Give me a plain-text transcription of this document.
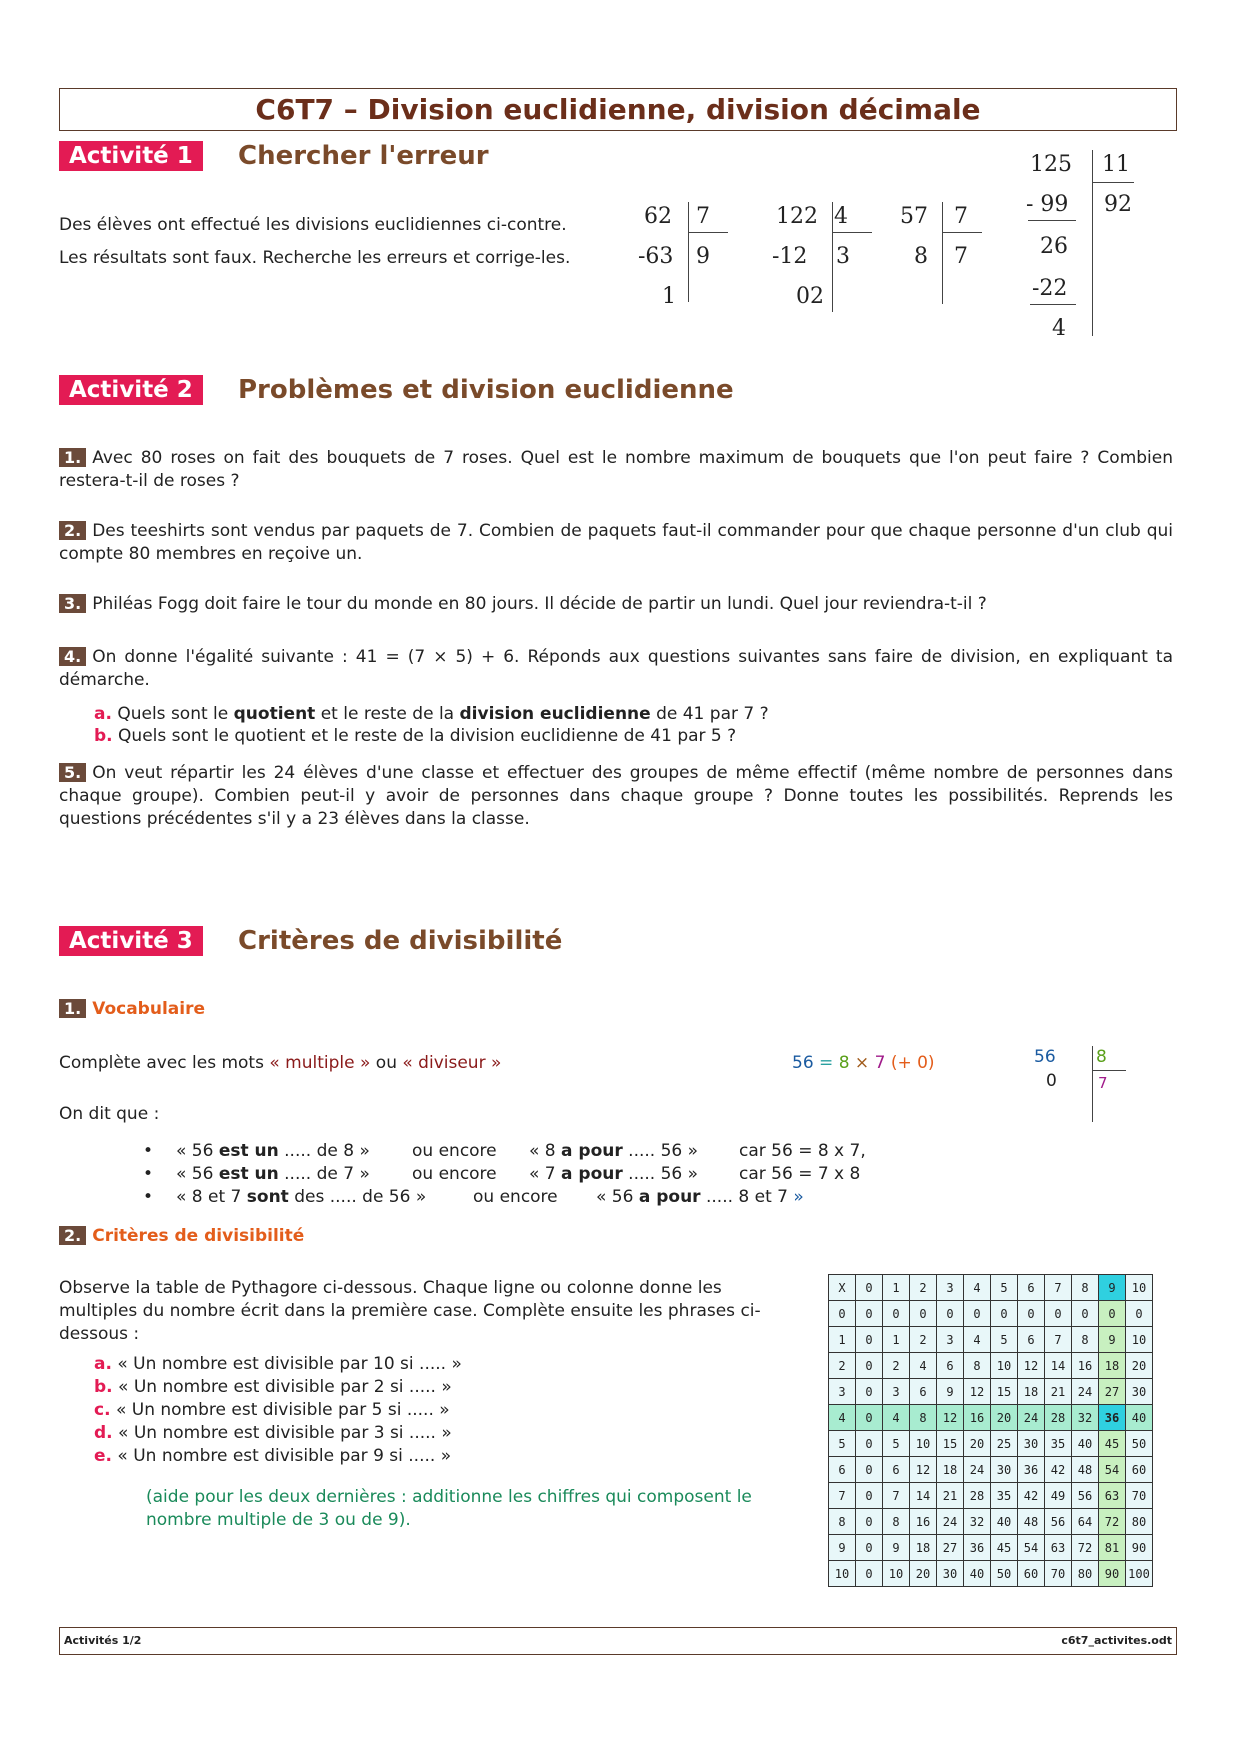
C6T7 – Division euclidienne, division décimale
Activité 1	Chercher l'erreur
Des élèves ont effectué les divisions euclidiennes ci-contre.
Les résultats sont faux. Recherche les erreurs et corrige-les.
62 7
-63 9
1
122 4
-12 3
02
57 7
8 7
125 11
- 99 92
26
-22
4
Activité 2	Problèmes et division euclidienne
1. Avec 80 roses on fait des bouquets de 7 roses. Quel est le nombre maximum de bouquets que l'on peut faire ? Combien restera-t-il de roses ?
2. Des teeshirts sont vendus par paquets de 7. Combien de paquets faut-il commander pour que chaque personne d'un club qui compte 80 membres en reçoive un.
3. Philéas Fogg doit faire le tour du monde en 80 jours. Il décide de partir un lundi. Quel jour reviendra-t-il ?
4. On donne l'égalité suivante : 41 = (7 × 5) + 6. Réponds aux questions suivantes sans faire de division, en expliquant ta démarche.
a. Quels sont le quotient et le reste de la division euclidienne de 41 par 7 ?
b. Quels sont le quotient et le reste de la division euclidienne de 41 par 5 ?
5. On veut répartir les 24 élèves d'une classe et effectuer des groupes de même effectif (même nombre de personnes dans chaque groupe). Combien peut-il y avoir de personnes dans chaque groupe ? Donne toutes les possibilités. Reprends les questions précédentes s'il y a 23 élèves dans la classe.
Activité 3	Critères de divisibilité
1. Vocabulaire
Complète avec les mots « multiple » ou « diviseur »	56 = 8 × 7 (+ 0)	56 8
0	7
On dit que :
• « 56 est un ..... de 8 » ou encore « 8 a pour ..... 56 » car 56 = 8 x 7,
• « 56 est un ..... de 7 » ou encore « 7 a pour ..... 56 » car 56 = 7 x 8
• « 8 et 7 sont des ..... de 56 »	ou encore « 56 a pour ..... 8 et 7 »
2. Critères de divisibilité
Observe la table de Pythagore ci-dessous. Chaque ligne ou colonne donne les multiples du nombre écrit dans la première case. Complète ensuite les phrases ci-dessous :
a. « Un nombre est divisible par 10 si ..... »
b. « Un nombre est divisible par 2 si ..... »
c. « Un nombre est divisible par 5 si ..... »
d. « Un nombre est divisible par 3 si ..... »
e. « Un nombre est divisible par 9 si ..... »
(aide pour les deux dernières : additionne les chiffres qui composent le nombre multiple de 3 ou de 9).
X	0	1	2	3	4	5	6	7	8	9	10
0	0	0	0	0	0	0	0	0	0	0	0
1	0	1	2	3	4	5	6	7	8	9	10
2	0	2	4	6	8	10	12	14	16	18	20
3	0	3	6	9	12	15	18	21	24	27	30
4	0	4	8	12	16	20	24	28	32	36	40
5	0	5	10	15	20	25	30	35	40	45	50
6	0	6	12	18	24	30	36	42	48	54	60
7	0	7	14	21	28	35	42	49	56	63	70
8	0	8	16	24	32	40	48	56	64	72	80
9	0	9	18	27	36	45	54	63	72	81	90
10	0	10	20	30	40	50	60	70	80	90	100
Activités 1/2	c6t7_activites.odt
